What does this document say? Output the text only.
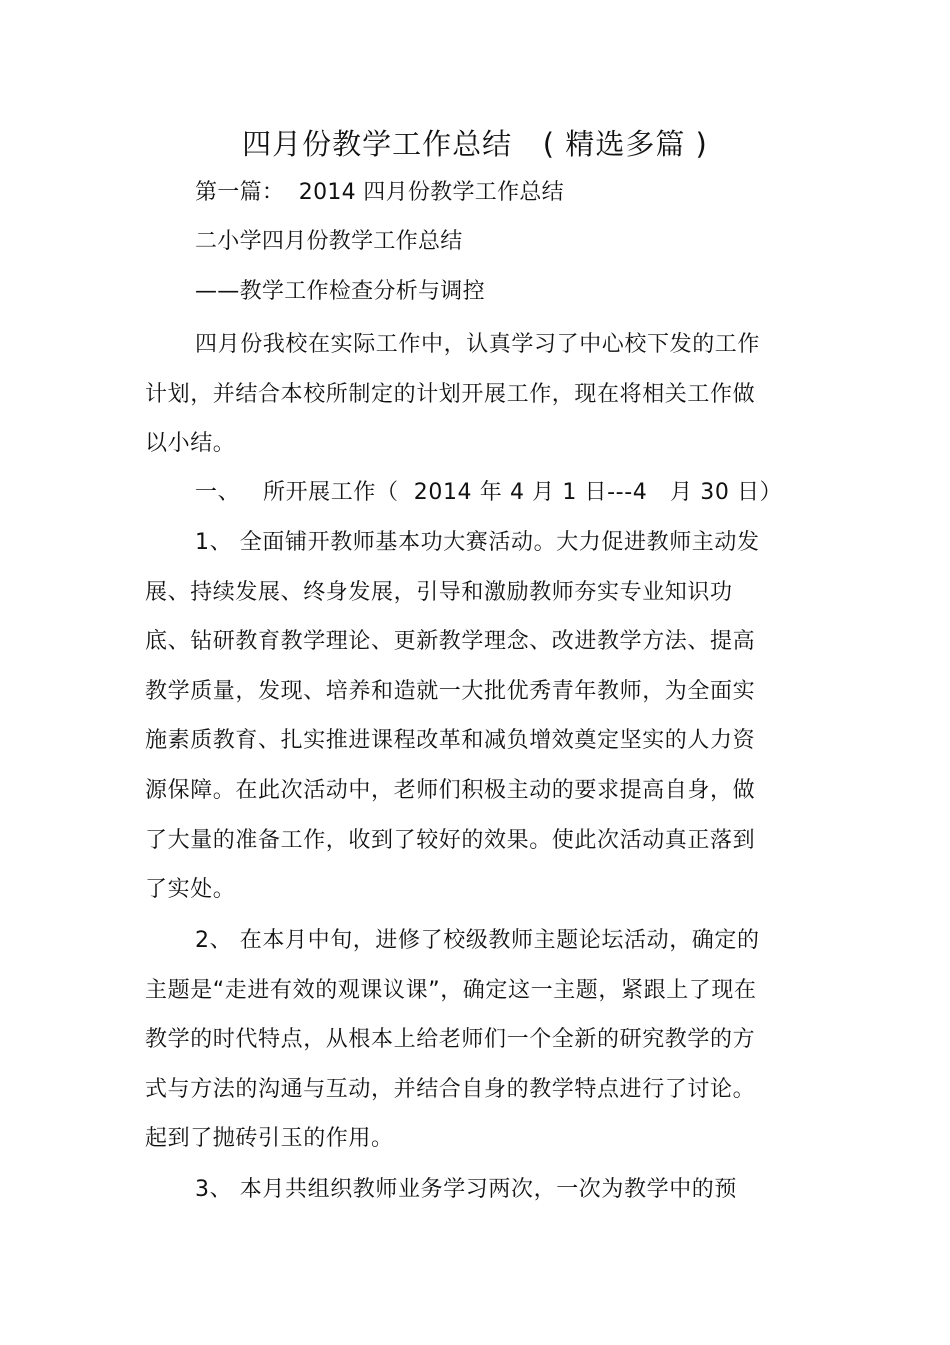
四月份教学工作总结   ( 精选多篇 )
第一篇：  2014 四月份教学工作总结
二小学四月份教学工作总结
——教学工作检查分析与调控

四月份我校在实际工作中，认真学习了中心校下发的工作计划，并结合本校所制定的计划开展工作，现在将相关工作做以小结。

一、   所开展工作（  2014 年 4 月 1 日---4   月 30 日）

1、 全面铺开教师基本功大赛活动。大力促进教师主动发展、持续发展、终身发展，引导和激励教师夯实专业知识功底、钻研教育教学理论、更新教学理念、改进教学方法、提高教学质量，发现、培养和造就一大批优秀青年教师，为全面实施素质教育、扎实推进课程改革和减负增效奠定坚实的人力资源保障。在此次活动中，老师们积极主动的要求提高自身，做了大量的准备工作，收到了较好的效果。使此次活动真正落到了实处。

2、 在本月中旬，进修了校级教师主题论坛活动，确定的主题是“走进有效的观课议课”，确定这一主题，紧跟上了现在教学的时代特点，从根本上给老师们一个全新的研究教学的方式与方法的沟通与互动，并结合自身的教学特点进行了讨论。起到了抛砖引玉的作用。

3、 本月共组织教师业务学习两次，一次为教学中的预
